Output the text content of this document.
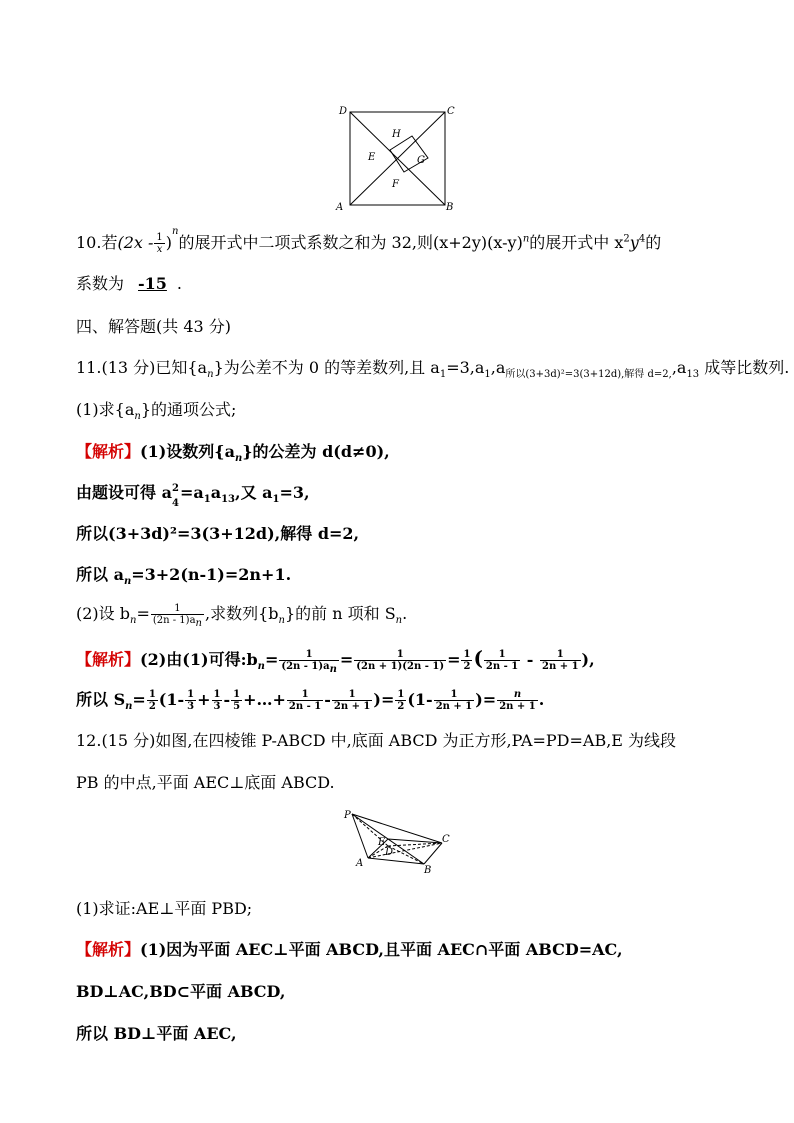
D	C
H
E	G
F
A	B
10.若$(2x - \frac{1}{x} )^n$的展开式中二项式系数之和为 32,则$(x+2y)(x-y)^n$的展开式中 $x^2y^4$的
系数为 -15 .
四、解答题(共 43 分)
11.(13 分)已知$\{a_n\}$为公差不为 0 的等差数列,且 $a_1=3,a_1,a_{所以(3+3d)^2=3(3+12d),解得 d=2,},a_{13}$ 成等比数列.
(1)求$\{a_n\}$的通项公式;
【解析】(1)设数列$\{a_n\}$的公差为 d(d≠0),
由题设可得 a 2
4
$=a_1a_{13}$,又 $a_1=3$,
所以(3+3d)²=3(3+12d),解得 d=2,
所以 $a_n=3+2(n-1)=2n+1$.
(2)设 $b_n= \frac{1}{(2n - 1)a_n}$ ,求数列$\{b_n\}$的前 n 项和 $S_n$.
【解析】(2)由(1)可得$:b_n= \frac{1}{(2n - 1)a_n} = \frac{1}{(2n + 1)(2n - 1)} = \frac{1}{2}$ ( $\frac{1}{2n - 1} - \frac{1}{2n + 1}$ ),
所以 $S_n= \frac{1}{2} (1- \frac{1}{3} + \frac{1}{3} - \frac{1}{5}$ +…+ $\frac{1}{2n - 1} - \frac{1}{2n + 1}$ )= $\frac{1}{2} (1- \frac{1}{2n + 1}$ )= $\frac{n}{2n + 1}$ .
12.(15 分)如图,在四棱锥 P-ABCD 中,底面 ABCD 为正方形,PA=PD=AB,E 为线段
PB 的中点,平面 AEC⊥底面 ABCD.
P
C
E
D
A
B
(1)求证:AE⊥平面 PBD;
【解析】(1)因为平面 AEC⊥平面 ABCD,且平面 AEC∩平面 ABCD=AC,
BD⊥AC,BD⊂平面 ABCD,
所以 BD⊥平面 AEC,
